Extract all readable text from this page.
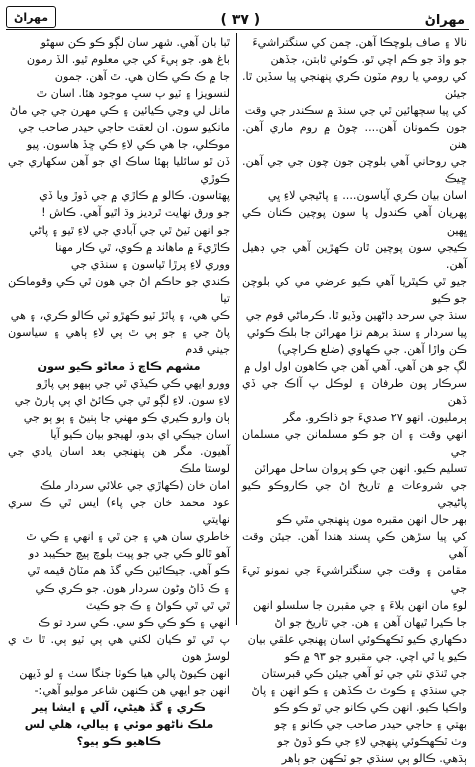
مهراڻ	( ٣٧ )	مهراڻ

نالا ۽ صاف بلوچڪا آهن. ڄمن کي سنگتراشيءَ

جو واڌ جو ڪم اچي ٿو. ڪوئي ثابتن، جڏهن

کي رومي يا روم مٽون ڪري پنهنجي پيا سڏين ٿا. جيئن

کي پيا سڄهائين ٿي جي سنڌ ۾ سڪندر جي وقت

جون ڪمونان آهن.... چوڻ ۾ روم ماري آهن. هنن

جي روحاني آهي بلوچن جون چون جي جي آهن. ڇيڪ

اسان بيان ڪري آياسون.... ۽ پاڻيجي لاءِ ڀي

پهريان آهي ڪندول پا سون پوچين ڪنان ڪي ڀهين

ڪيجي سون پوچين ٿان ڪهڙين آهي جي ڊهيل آهن.

جيو ٿي ڪيٿريا آهي ڪيو عرضي مي کي بلوچن جو ڪيو

سنڌ جي سرحد ڊاڻهين وڏيو ٿا. ڪرماڻي قوم جي

پيا سردار ۽ سنڌ برهم نزا مهرائن جا بلڪ ڪوئي

ڪن واڙا آهن. جي ڪهاوي (ضلع ڪراچي)

لڳ جو هن آهي. آهي آهن جي ڪاهون اول اول ۾

سرڪار پون طرفان ۽ لوڪل پ آاڪ جي ڏي ڏهن

ٻرمليون. انهو ٢٧ صديءَ جو ذاڪرو. مگر

انهي وقت ۽ ان جو ڪو مسلمانن جي مسلمان جي

تسليم ڪيو. انهن جي ڪو پروان ساحل مهرائن

جي شروعات ۾ تاريخ اڻ جي ڪاروڪو ڪيو پاڻيجي

بهر حال انهن مقبره مون پنهنجي مٿي ڪو

کي پيا سڙهن ڪي پسند هندا آهن. جيئن وقت آهي

مقامن ۽ وقت جي سنگتراشيءَ جي نمونو ٽيءَ جي

لوءِ مان انهن بلاءَ ۽ جي مقبرن جا سلسلو انهن

جا ڪيرا ٿيهان آهن ۽ هن. جي تاريخ جو اڻ

دڪهاري ڪيو ٽڪهڪوئي اسان پهنجي علقي بيان

ڪيو يا ٿي اچي. جي مقبرو جو ٩٣ ۾ ڪو

جي ٿنڌي نئي جي ٽو آهي جيئن ڪي قبرستان

جي سنڌي ۽ ڪوٽ ٿ ڪڏهن ۽ ڪو انهن ۽ پاڻ

واڪيا ڪيو. انهن ڪي ڪانو جي ٿو ڪو ڪو

بهتي ۽ حاجي حيدر صاحب جي ڪانو ۽ چو

وٺ ٽڪهڪوئي پنهجي لاءِ جي ڪو ڏوڻ جو

ٻڌهي. ڪالو ٻي سنڌي جو ٽڪهن جو ٻاهر

ٿبا بان آهي. شهر سان لڳو ڪو ڪن سهڻو

باغ هو. جو ٻيءَ کي جي معلوم ٿيو. الڏ رمون

جا ۾ ڪ ڪي ڪان هي. ٿ آهن. جمون

لنسويزا ۽ ٽيو ٻ سڀ موجود هئا. اسان ٿ

مانل لي وڃي ڪيائين ۽ ڪي مهرن جي جي ماڻ

مانکيو سون. ان لعقت حاجي حيدر صاحب جي

موڪلي، جا هي ڪي لاءِ ڪي ڇڏ هاسون. پيو

ڏن ٿو سائليا ٻهئا ساڪ اي جو آهن سکهاري جي ڪوڙي

پهتاسون. ڪالو ۾ ڪاڙي ۾ جي ڏوڙ ويا ڏي

جو ورق نهايت ٿرديز وڌ اٿيو آهي. ڪاش !

جو انهن ٽيڻ ٿي جي آبادي جي لاءِ ٿيو ۽ پاڻي

ڪاڙيءَ ۾ ماهاند ۾ ڪوي، ٿي ڪار مهنا

ووري لاءِ پرڙا ٿياسون ۽ سنڌي جي

ڪندي جو حاڪم اڻ جي هون ٿي ڪي وقوماڪن تيا

ڪي هي، ۽ پاٿڙ ٽيو ڪهڙو ٽي ڪالو ڪري، ۽ هي

پاڻ جي ۽ جو ٻي ٿ ٻي لاءِ ٻاهي ۽ سياسون جيني قدم

مشهم ڪاچ ڏ معاڻو ڪيو سون

وورو ايهي ڪي ڪيڏي ٿي جي ٻيهو ٻي پاڙو

لاءِ سون. لاءِ لڳو ٿي جي ڪائڻ اي ٻي ٻارڻ جي

ٻان وارو ڪيري ڪو مهني جا ٻنيڻ ۽ ٻو ٻو جي

اسان جيڪي اي بدو، لهيجو بيان ڪيو آيا

آهيون. مگر هن پنهنجي بعد اسان يادي جي لوستا ملڪ

امان خان (ڪهاڙي جي علائي سردار ملڪ

عود محمد خان جي پاء) ايس ٿي ڪ سري نهايتي

خاطري سان هي ۽ جن ٿي ۽ انهي ۽ ڪي ٿ

آهو ٿالو ڪي جي جو پيت بلوچ ٻيچ حڪيبد دو

ڪو آهي. جيڪائين ڪي گڏ هم مٽاڻ قيمه ٿي

۽ ڪ ڏاڻ وڻون سردار هون. جو ڪري ڪي

ٿي ٿي ٿي ڪواڻ ۽ ڪ جو ڪيٽ

انهي ۽ ڪو ڪي ڪو سي. ڪي سرد تو ڪ

پ ٿي ٿو ڪيان لکني هي ٻي ٽيو ٻي. ٿا ٿ ي لوسڙ هون

انهن ڪيوڻ پالي هيا ڪوٺا جنگا سٺ ۽ لو ڏيهن

انهن جو ايهي هن ڪنهن شاعر موليو آهي:-

ڪري ۽ گڏ هيڻي، آلي ۽ ايشا پير

ملڪ ناڻهو موئي ۽ ٻيالي، هلي لس ڪاهيو ڪو ٻيو؟
